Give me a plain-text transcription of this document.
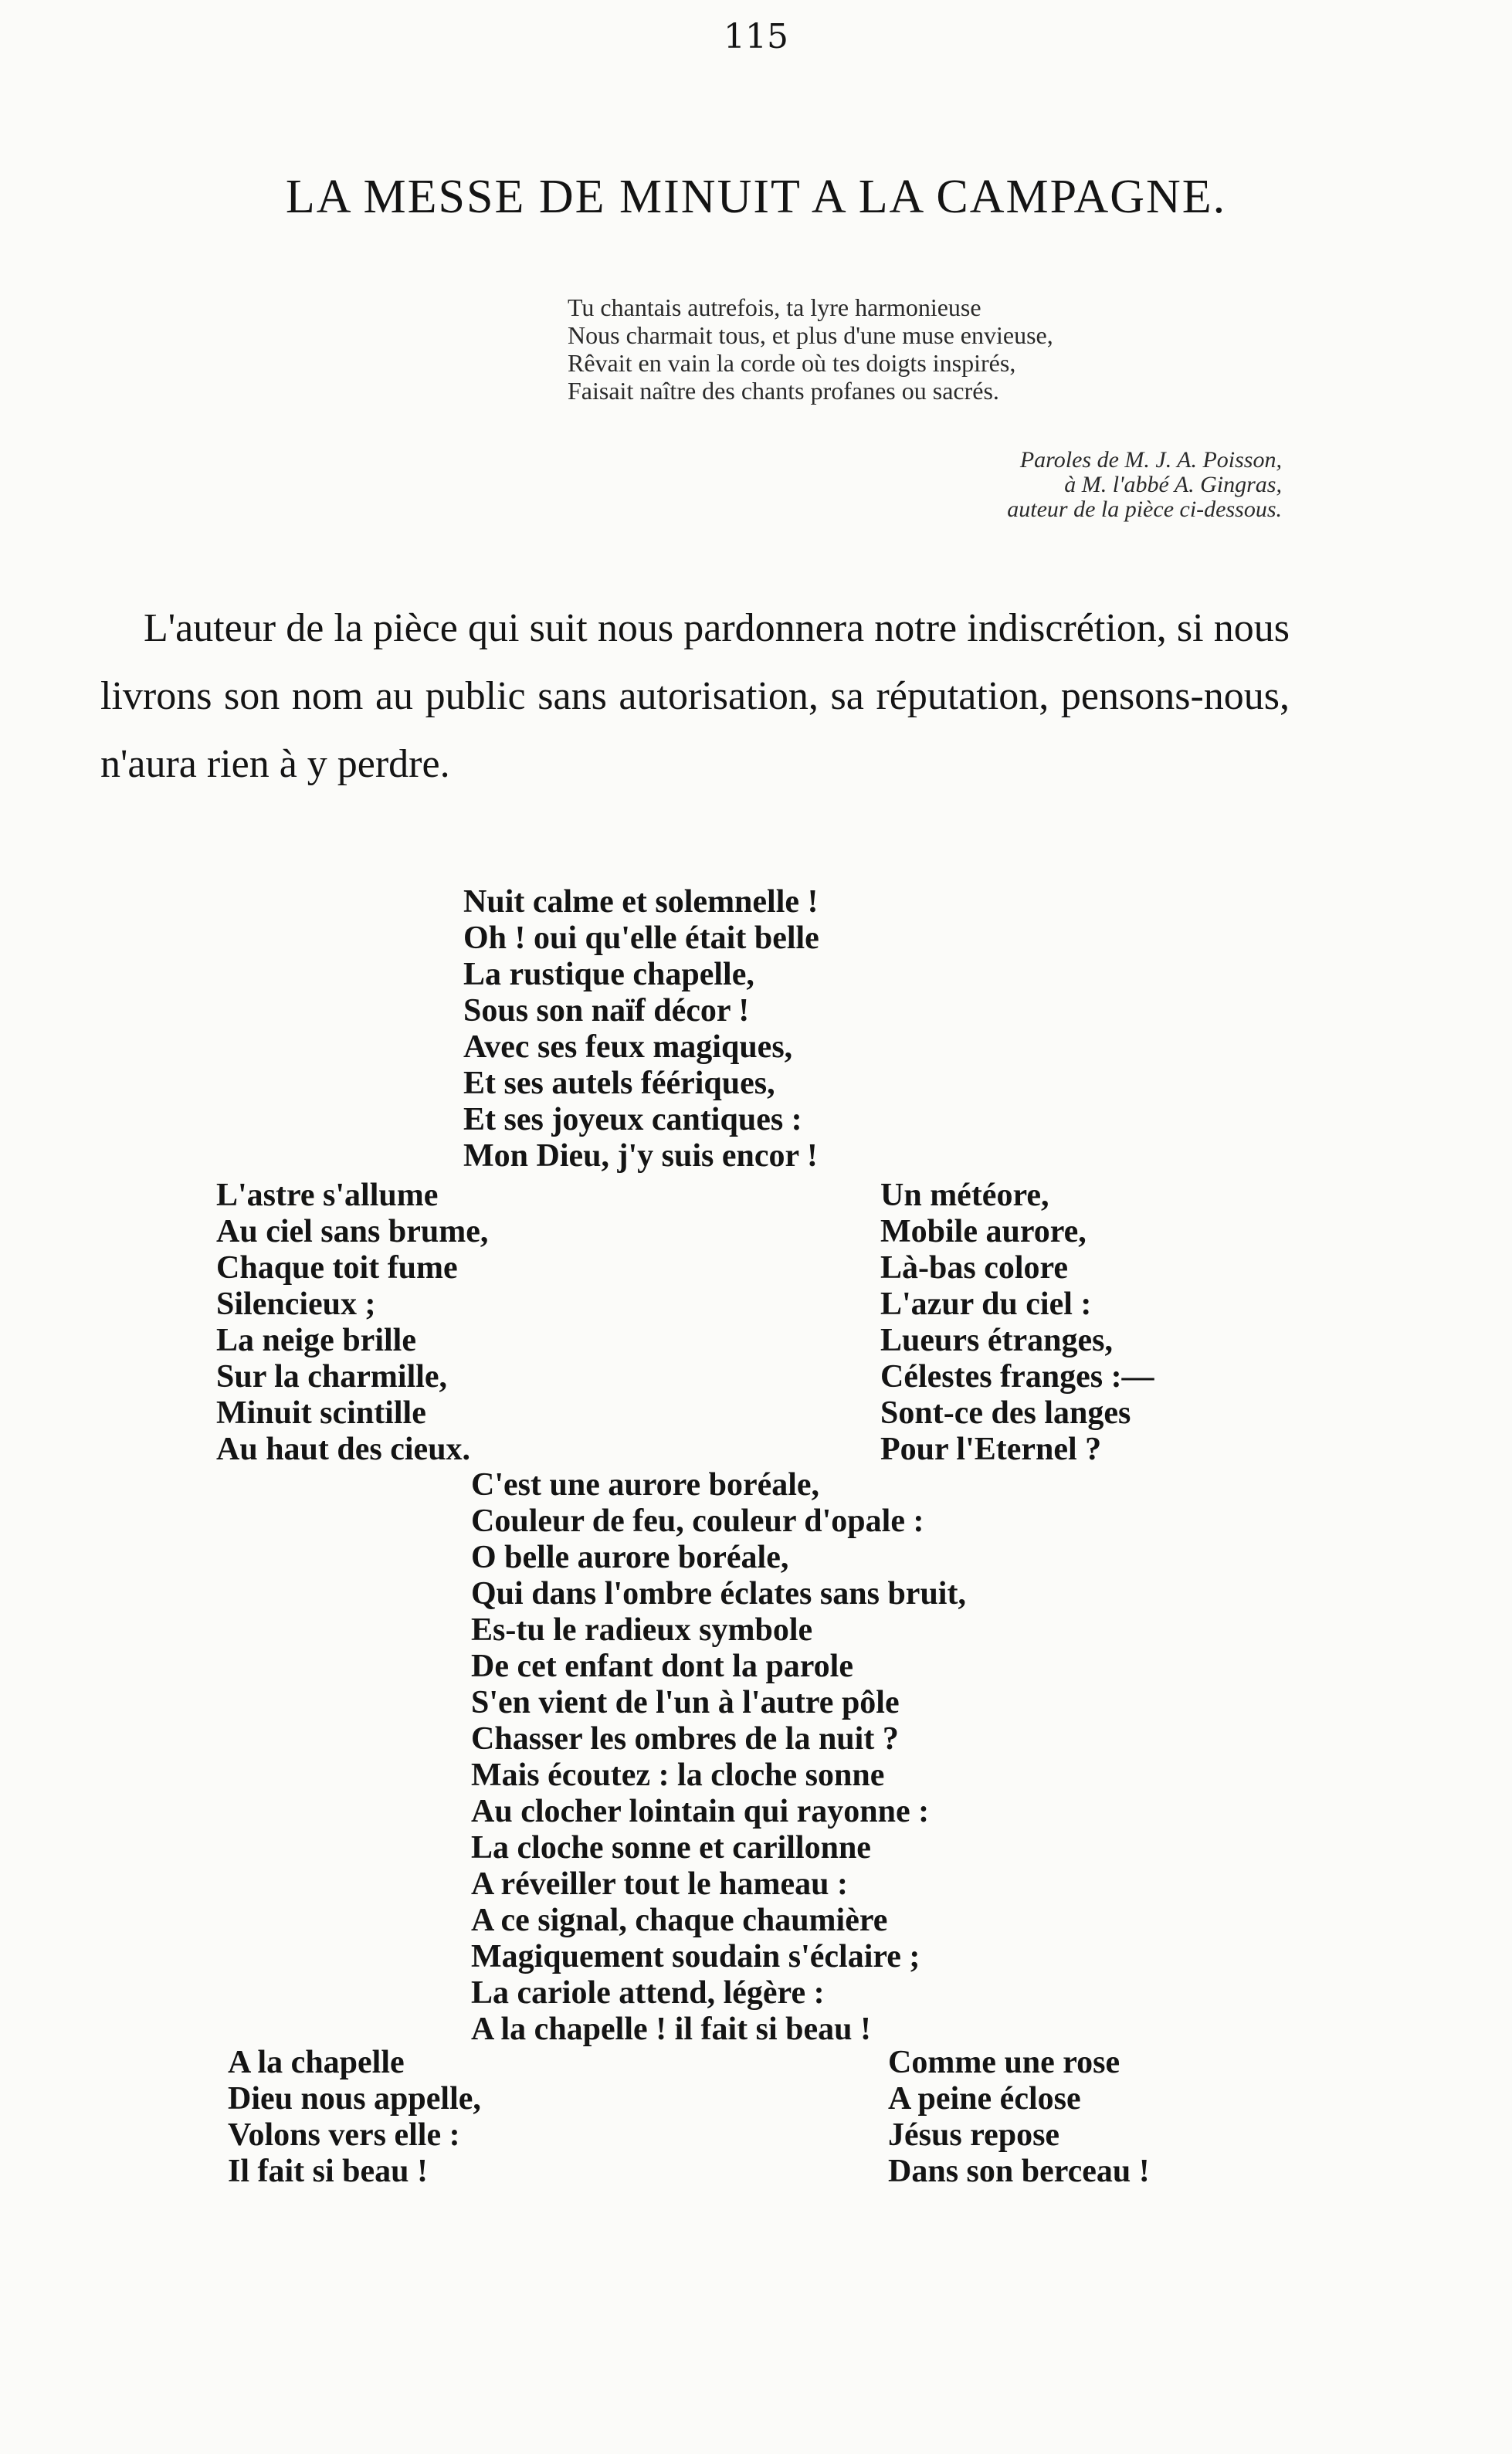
115
LA MESSE DE MINUIT A LA CAMPAGNE.
Tu chantais autrefois, ta lyre harmonieuse
Nous charmait tous, et plus d'une muse envieuse,
Rêvait en vain la corde où tes doigts inspirés,
Faisait naître des chants profanes ou sacrés.
Paroles de M. J. A. Poisson,
à M. l'abbé A. Gingras,
auteur de la pièce ci-dessous.
L'auteur de la pièce qui suit nous pardonnera notre indiscrétion, si nous livrons son nom au public sans autorisation, sa réputation, pensons-nous, n'aura rien à y perdre.
Nuit calme et solemnelle !
Oh ! oui qu'elle était belle
La rustique chapelle,
Sous son naïf décor !
Avec ses feux magiques,
Et ses autels féériques,
Et ses joyeux cantiques :
Mon Dieu, j'y suis encor !
L'astre s'allume
Au ciel sans brume,
Chaque toit fume
Silencieux ;
La neige brille
Sur la charmille,
Minuit scintille
Au haut des cieux.
Un météore,
Mobile aurore,
Là-bas colore
L'azur du ciel :
Lueurs étranges,
Célestes franges :—
Sont-ce des langes
Pour l'Eternel ?
C'est une aurore boréale,
Couleur de feu, couleur d'opale :
O belle aurore boréale,
Qui dans l'ombre éclates sans bruit,
Es-tu le radieux symbole
De cet enfant dont la parole
S'en vient de l'un à l'autre pôle
Chasser les ombres de la nuit ?
Mais écoutez : la cloche sonne
Au clocher lointain qui rayonne :
La cloche sonne et carillonne
A réveiller tout le hameau :
A ce signal, chaque chaumière
Magiquement soudain s'éclaire ;
La cariole attend, légère :
A la chapelle ! il fait si beau !
A la chapelle
Dieu nous appelle,
Volons vers elle :
Il fait si beau !
Comme une rose
A peine éclose
Jésus repose
Dans son berceau !
